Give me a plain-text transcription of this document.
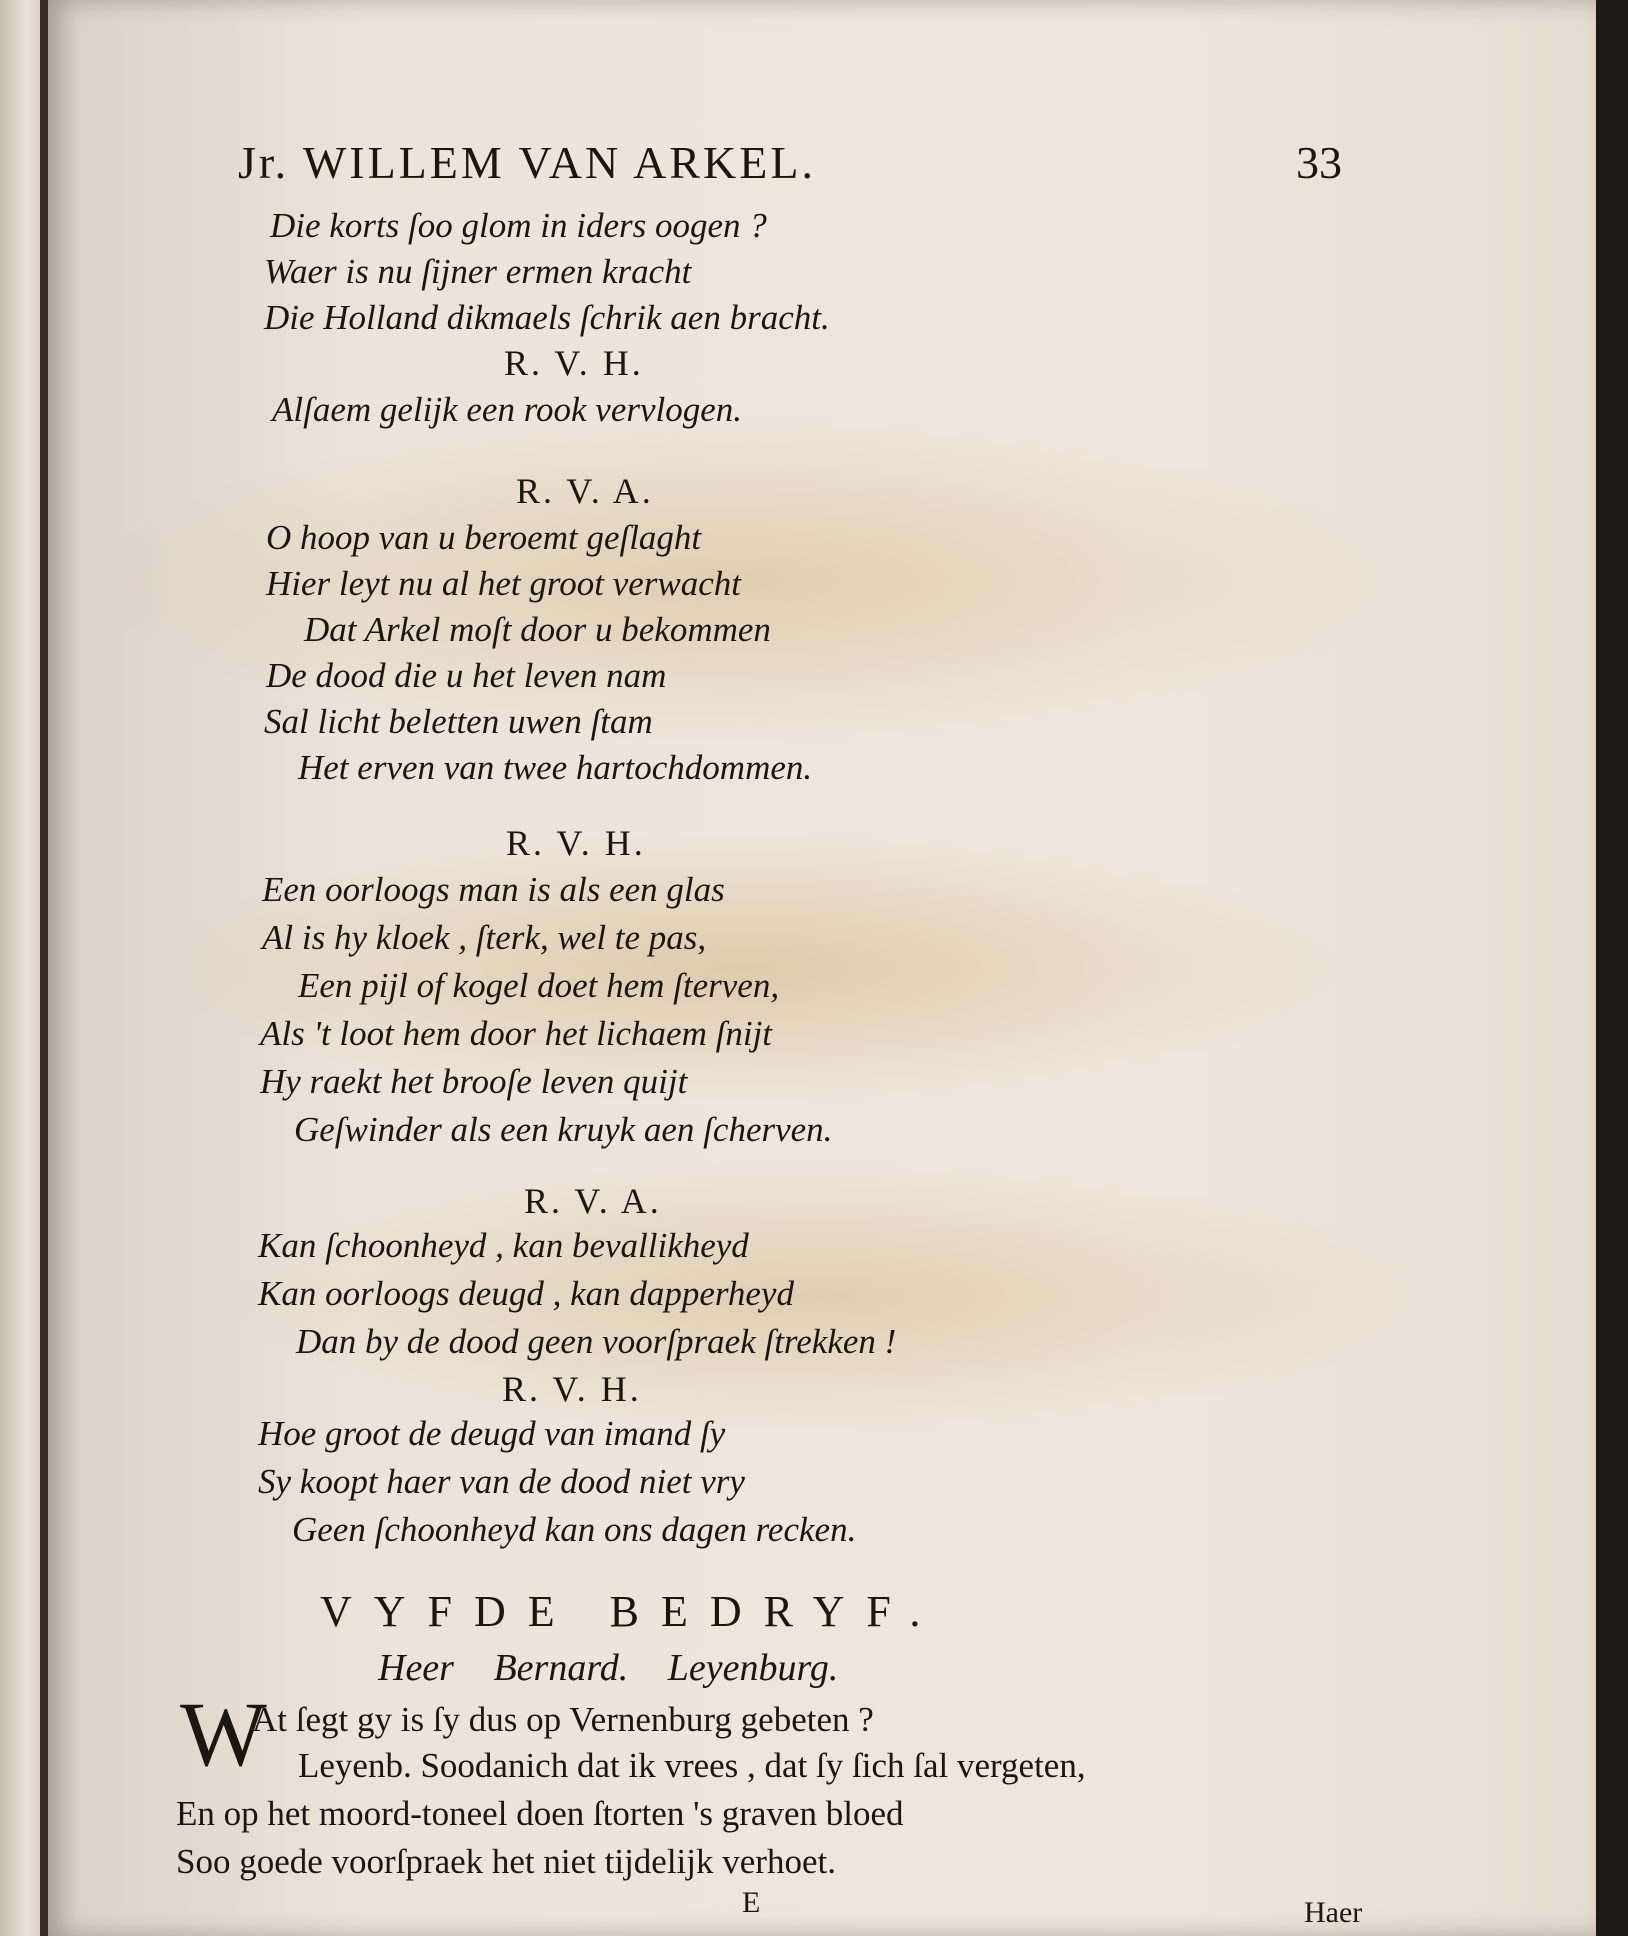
Jr. WILLEM VAN ARKEL.	33
Die korts ſoo glom in iders oogen ?
Waer is nu ſijner ermen kracht
Die Holland dikmaels ſchrik aen bracht.
R. V. H.
Alſaem gelijk een rook vervlogen.
R. V. A.
O hoop van u beroemt geſlaght
Hier leyt nu al het groot verwacht
Dat Arkel moſt door u bekommen
De dood die u het leven nam
Sal licht beletten uwen ſtam
Het erven van twee hartochdommen.
R. V. H.
Een oorloogs man is als een glas
Al is hy kloek , ſterk, wel te pas,
Een pijl of kogel doet hem ſterven,
Als 't loot hem door het lichaem ſnijt
Hy raekt het brooſe leven quijt
Geſwinder als een kruyk aen ſcherven.
R. V. A.
Kan ſchoonheyd , kan bevallikheyd
Kan oorloogs deugd , kan dapperheyd
Dan by de dood geen voorſpraek ſtrekken !
R. V. H.
Hoe groot de deugd van imand ſy
Sy koopt haer van de dood niet vry
Geen ſchoonheyd kan ons dagen recken.
VYFDE BEDRYF.
Heer Bernard. Leyenburg.
W
At ſegt gy is ſy dus op Vernenburg gebeten ?
Leyenb. Soodanich dat ik vrees , dat ſy ſich ſal vergeten,
En op het moord-toneel doen ſtorten 's graven bloed
Soo goede voorſpraek het niet tijdelijk verhoet.
E	Haer
